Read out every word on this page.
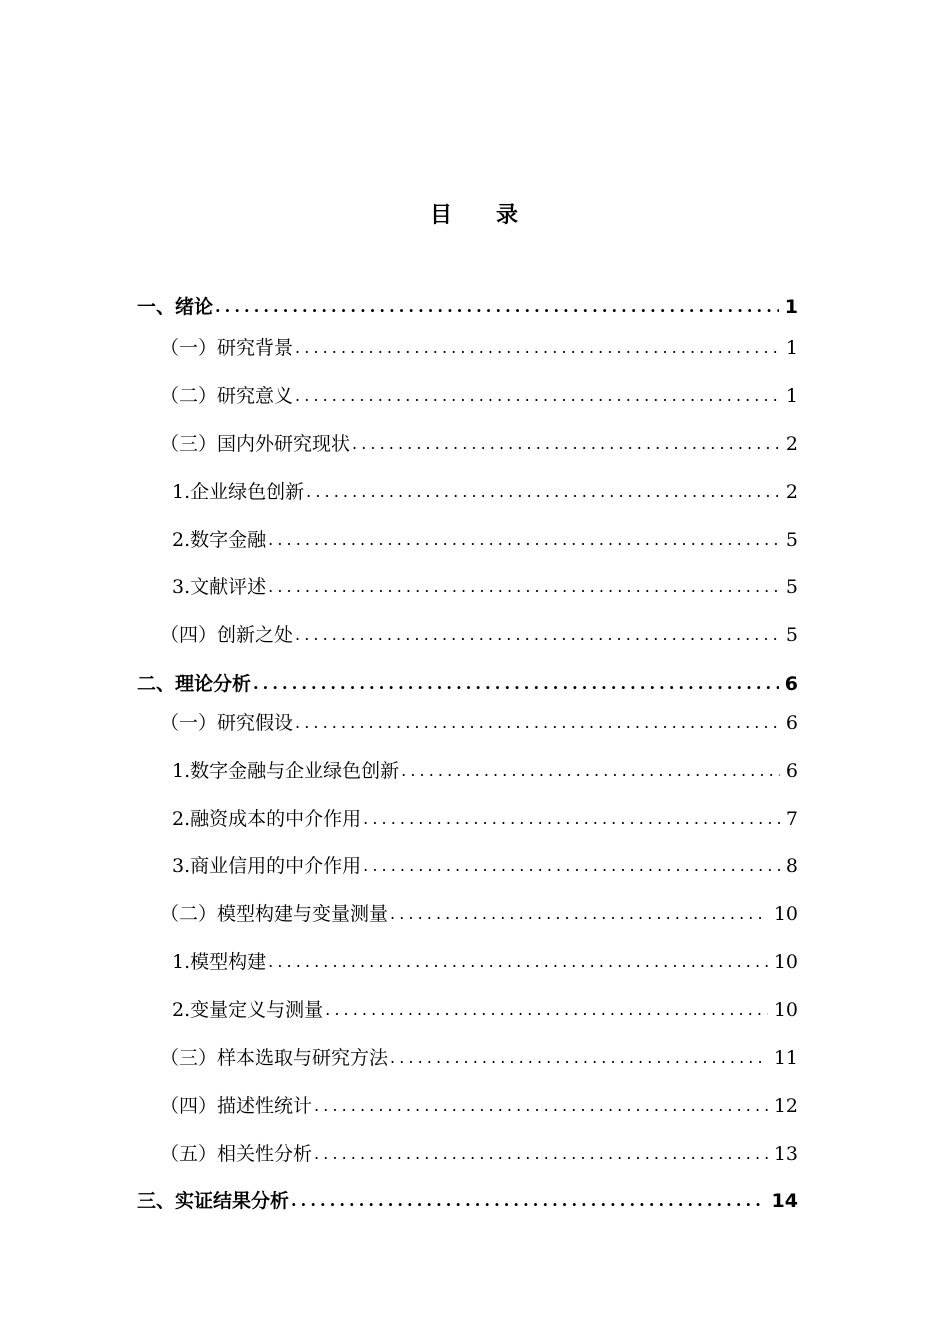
目 录
一、绪论 .....	1
（一）研究背景 .....	1
（二）研究意义 .....	1
（三）国内外研究现状 .....	2
1.企业绿色创新 .....	2
2.数字金融 .....	5
3.文献评述 .....	5
（四）创新之处 .....	5
二、理论分析 .....	6
（一）研究假设 .....	6
1.数字金融与企业绿色创新 .....	6
2.融资成本的中介作用 .....	7
3.商业信用的中介作用 .....	8
（二）模型构建与变量测量 .....	10
1.模型构建 .....	10
2.变量定义与测量 .....	10
（三）样本选取与研究方法 .....	11
（四）描述性统计 .....	12
（五）相关性分析 .....	13
三、实证结果分析 .....	14
